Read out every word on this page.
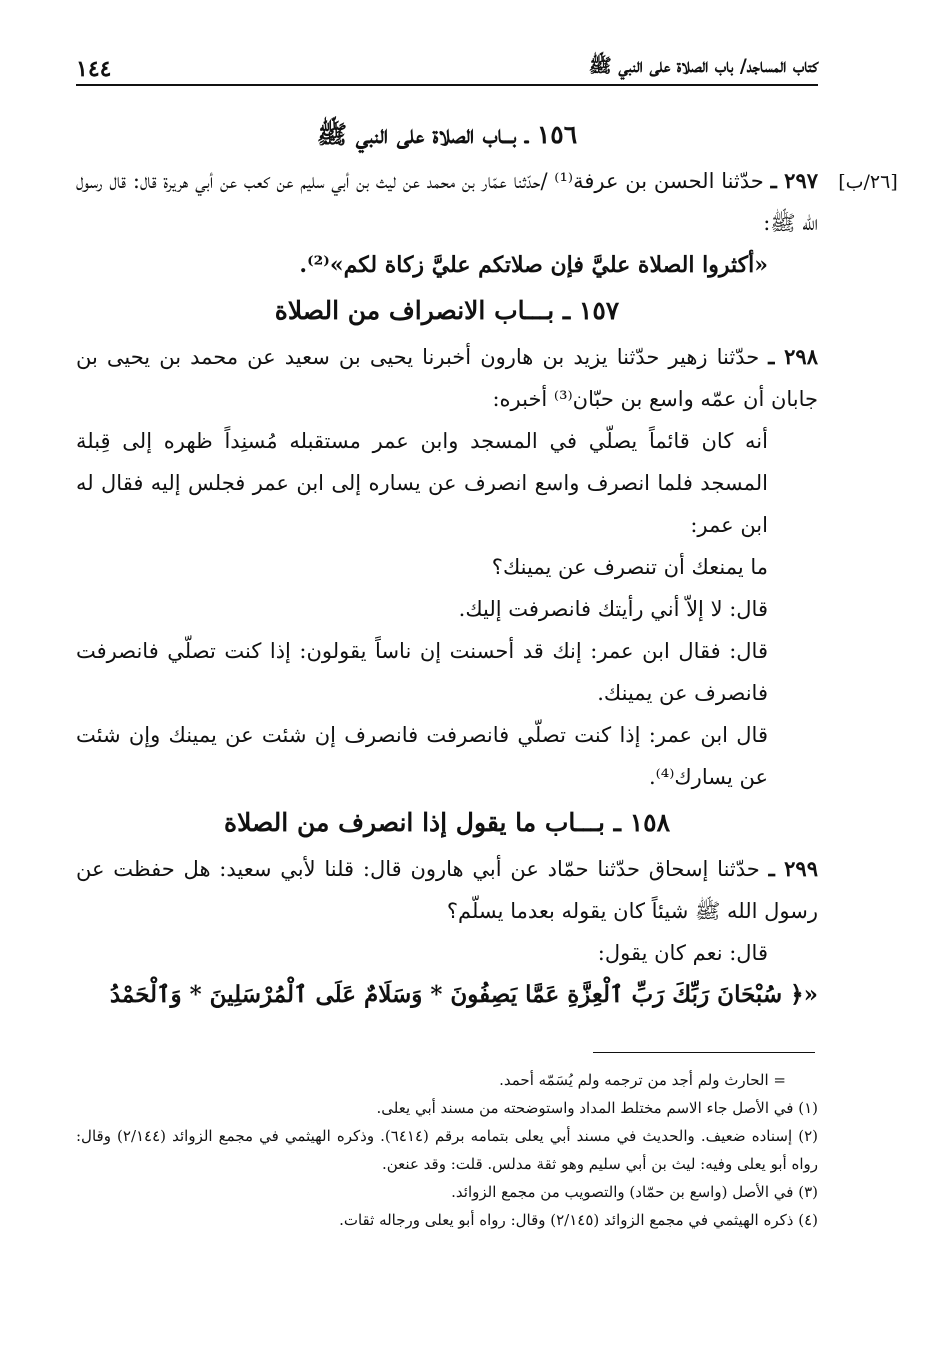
كتاب المساجد/ باب الصلاة على النبي ﷺ
١٤٤
[٢٦/ب]

١٥٦ ـ بـــاب الصلاة على النبي ﷺ

٢٩٧ ـ حدّثنا الحسن بن عرفة⁽¹⁾ /حدّثنا عمّار بن محمد عن ليث بن أبي سليم عن كعب عن أبي هريرة قال: قال رسول الله ﷺ:

«أكثروا الصلاة عليَّ فإن صلاتكم عليَّ زكاة لكم»⁽²⁾.

١٥٧ ـ بـــاب الانصراف من الصلاة

٢٩٨ ـ حدّثنا زهير حدّثنا يزيد بن هارون أخبرنا يحيى بن سعيد عن محمد بن يحيى بن جابان أن عمّه واسع بن حبّان⁽³⁾ أخبره:

أنه كان قائماً يصلّي في المسجد وابن عمر مستقبله مُسنِداً ظهره إلى قِبلة المسجد فلما انصرف واسع انصرف عن يساره إلى ابن عمر فجلس إليه فقال له ابن عمر:

ما يمنعك أن تنصرف عن يمينك؟

قال: لا إلاّ أني رأيتك فانصرفت إليك.

قال: فقال ابن عمر: إنك قد أحسنت إن ناساً يقولون: إذا كنت تصلّي فانصرفت فانصرف عن يمينك.

قال ابن عمر: إذا كنت تصلّي فانصرفت فانصرف إن شئت عن يمينك وإن شئت عن يسارك⁽⁴⁾.

١٥٨ ـ بـــاب ما يقول إذا انصرف من الصلاة

٢٩٩ ـ حدّثنا إسحاق حدّثنا حمّاد عن أبي هارون قال: قلنا لأبي سعيد: هل حفظت عن رسول الله ﷺ شيئاً كان يقوله بعدما يسلّم؟

قال: نعم كان يقول:

«﴿ سُبْحَانَ رَبِّكَ رَبِّ ٱلْعِزَّةِ عَمَّا يَصِفُونَ * وَسَلَامٌ عَلَى ٱلْمُرْسَلِينَ * وَٱلْحَمْدُ

= الحارث ولم أجد من ترجمه ولم يُسَمّه أحمد.

(١) في الأصل جاء الاسم مختلط المداد واستوضحته من مسند أبي يعلى.

(٢) إسناده ضعيف. والحديث في مسند أبي يعلى بتمامه برقم (٦٤١٤). وذكره الهيثمي في مجمع الزوائد (٢/١٤٤) وقال: رواه أبو يعلى وفيه: ليث بن أبي سليم وهو ثقة مدلس. قلت: وقد عنعن.

(٣) في الأصل (واسع بن حمّاد) والتصويب من مجمع الزوائد.

(٤) ذكره الهيثمي في مجمع الزوائد (٢/١٤٥) وقال: رواه أبو يعلى ورجاله ثقات.
